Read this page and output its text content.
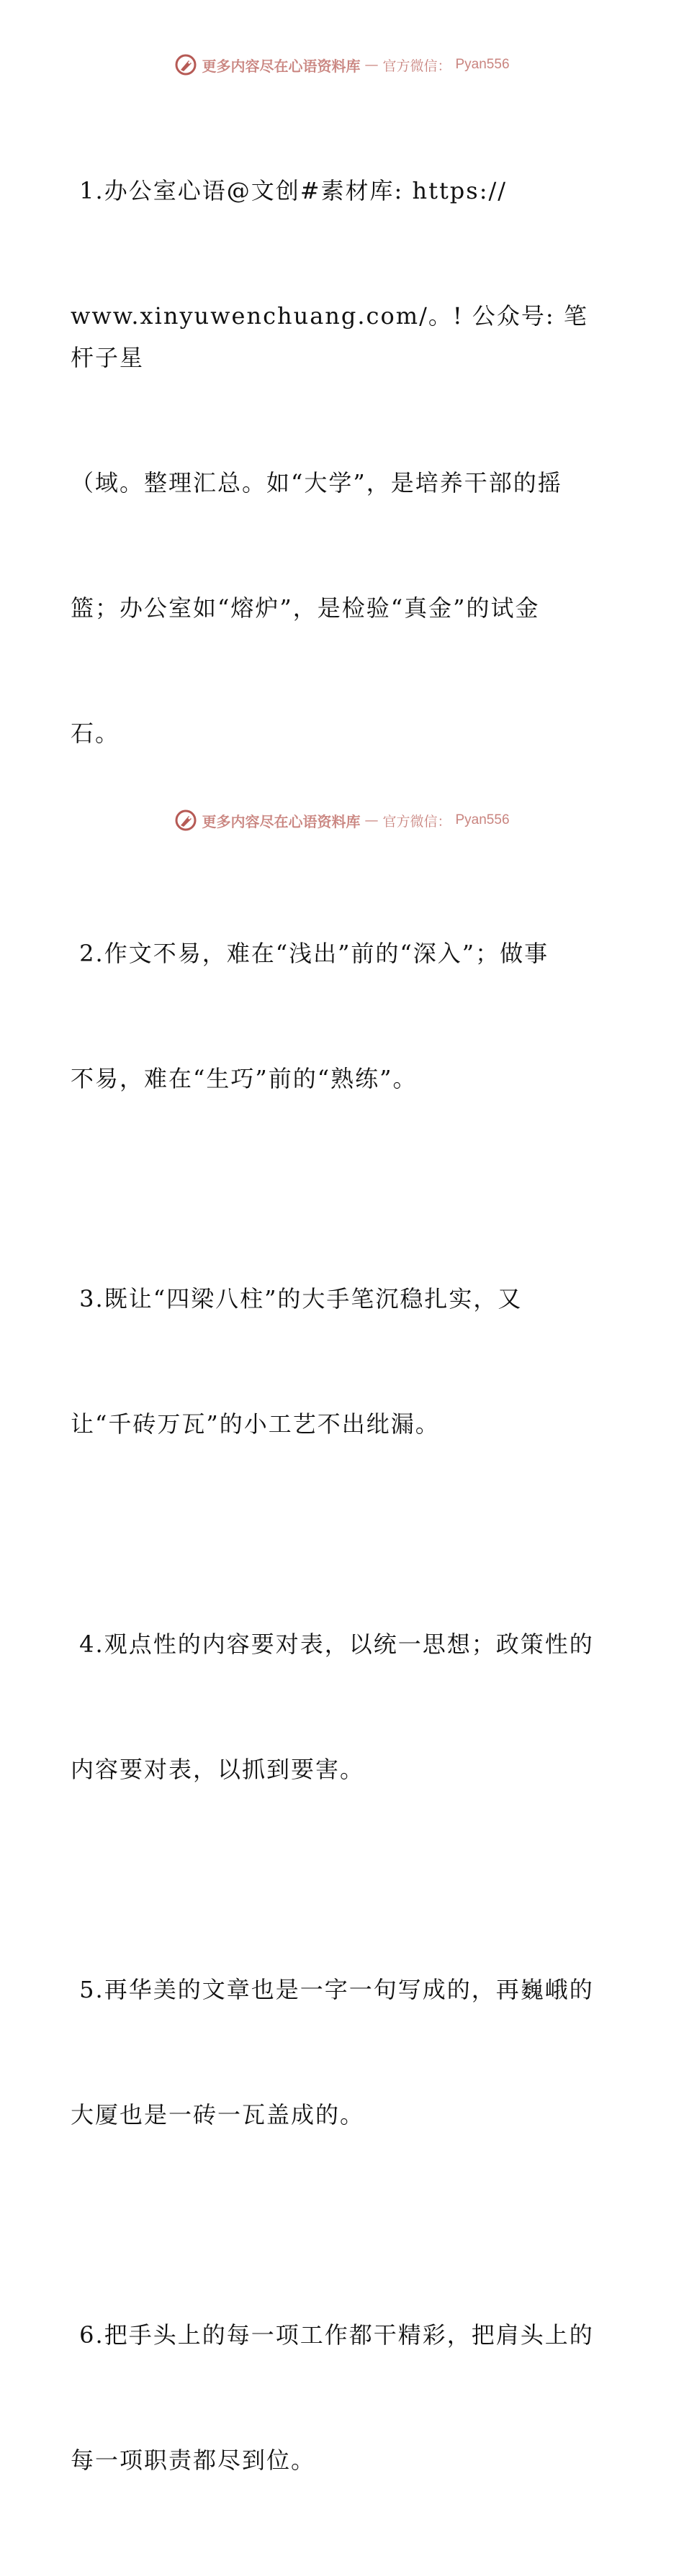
更多内容尽在心语资料库 — 官方微信： Pyan556

1.办公室心语@文创#素材库: https://

www.xinyuwenchuang.com/。! 公众号: 笔杆子星

（域。整理汇总。如“大学”，是培养干部的摇

篮；办公室如“熔炉”，是检验“真金”的试金

石。

2.作文不易，难在“浅出”前的“深入”；做事

不易，难在“生巧”前的“熟练”。

3.既让“四梁八柱”的大手笔沉稳扎实，又

让“千砖万瓦”的小工艺不出纰漏。

4.观点性的内容要对表，以统一思想；政策性的

内容要对表，以抓到要害。

5.再华美的文章也是一字一句写成的，再巍峨的

大厦也是一砖一瓦盖成的。

6.把手头上的每一项工作都干精彩，把肩头上的

每一项职责都尽到位。

更多内容尽在心语资料库 — 官方微信： Pyan556
